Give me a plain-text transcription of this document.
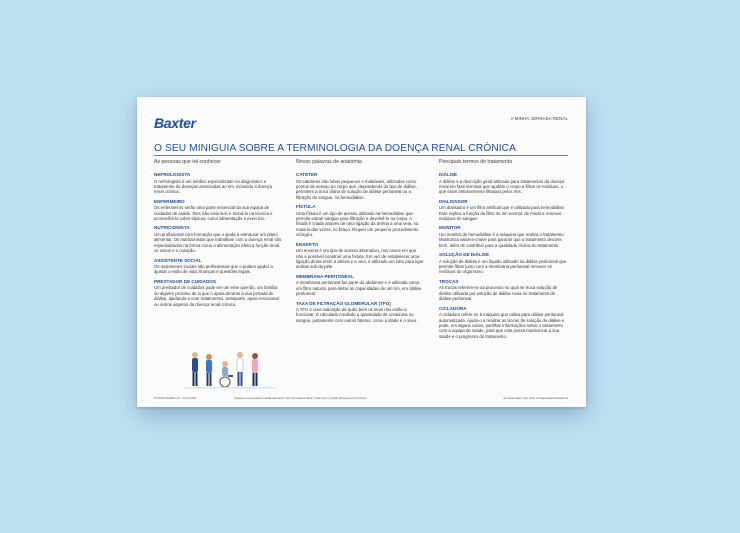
Baxter	A MINHA JORNADA RENAL
O SEU MINIGUIA SOBRE A TERMINOLOGIA DA DOENÇA RENAL CRÓNICA
As pessoas que irá conhecer
NEFROLOGISTA
O nefrologista é um médico especializado no diagnóstico e tratamento de doenças associadas ao rim, incluindo a doença renal crónica.
ENFERMEIRO
Os enfermeiros serão uma parte essencial da sua equipa de cuidados de saúde. Eles irão ensiná-lo e treiná-lo na técnica e aconselhá-lo sobre tópicos, como alimentação e exercício.
NUTRICIONISTA
Um profissional com formação que o ajuda a estruturar um plano alimentar. Os nutricionistas que trabalham com a doença renal são especializados na forma como a alimentação afeta a função renal, os ossos e o coração.
ASSISTENTE SOCIAL
Os assistentes sociais são profissionais que o podem ajudar a ajustar o estilo de vida, finanças e questões legais.
PRESTADOR DE CUIDADOS
Um prestador de cuidados pode ser um ente querido, um familiar ou alguém próximo de si que o apoia durante a sua jornada de diálise, ajudando-o com tratamentos, transporte, apoio emocional ou outros aspetos da doença renal crónica.
Novas palavras de anatomia
CATETER
Os cateteres são tubos pequenos e maleáveis, utilizados como pontos de acesso ao corpo que, dependendo do tipo de diálise, permitem a troca diária de solução de diálise peritoneal ou a filtração do sangue, na hemodiálise.
FÍSTULA
Uma fístula é um tipo de acesso utilizado na hemodiálise que permite extrair sangue para filtração e devolvê-lo ao corpo. A fístula é criada através de uma ligação da artéria a uma veia, na maioria das vezes, no braço. Requer um pequeno procedimento cirúrgico.
ENXERTO
Um enxerto é um tipo de acesso alternativo, nos casos em que não é possível construir uma fístula. Em vez de estabelecer uma ligação direta entre a artéria e a veia, é utilizado um tubo para ligar ambas sob da pele.
MEMBRANA PERITONEAL
A membrana peritoneal faz parte do abdómen e é utilizada como um filtro natural, para imitar as capacidades de um rim, em diálise peritoneal.
TAXA DE FILTRAÇÃO GLOMERULAR (TFG)
A TFG é uma indicação de quão bem os seus rins estão a funcionar. É calculada medindo a quantidade de creatinina no sangue, juntamente com outros fatores, como a idade e o sexo.
Principais termos de tratamento
DIÁLISE
A diálise é a descrição geral utilizada para tratamentos da doença renal em fase terminal que ajudam o corpo a filtrar os resíduos, o que eram anteriormente filtrados pelos rins.
DIALISADOR
Um dialisador é um filtro artificial que é utilizado para hemodiálise. Este replica a função de filtro do rim normal, de modo a remover resíduos do sangue.
MONITOR
Um monitor de hemodiálise é a máquina que realiza o tratamento. Monitoriza valores-chave para garantir que o tratamento decorre bem, além de contribuir para a qualidade clínica do tratamento.
SOLUÇÃO DE DIÁLISE
A solução de diálise é um líquido utilizado na diálise peritoneal que permite filtrar junto com a membrana peritoneal remover os resíduos do organismo.
TROCAS
As trocas referem-se ao processo no qual se troca solução de diálise utilizada por solução de diálise nova no tratamento de diálise peritoneal.
CICLADORA
A cicladora refere-se à máquina que utiliza para diálise peritoneal automatizada. Ajuda-o a realizar as trocas de solução de diálise e pode, em alguns casos, partilhar informações sobre o tratamento com a equipa de saúde, para que esta possa monitorizar a sua saúde e o progresso do tratamento.
PT-RC00-210029 v1.0 – Junho 2021	Contacte a sua equipa de saúde para obter mais informações sobre o tratamento e gestão da doença renal crónica.	Se quiser saber mais, visite minhajornadarenal.baxter.pt
